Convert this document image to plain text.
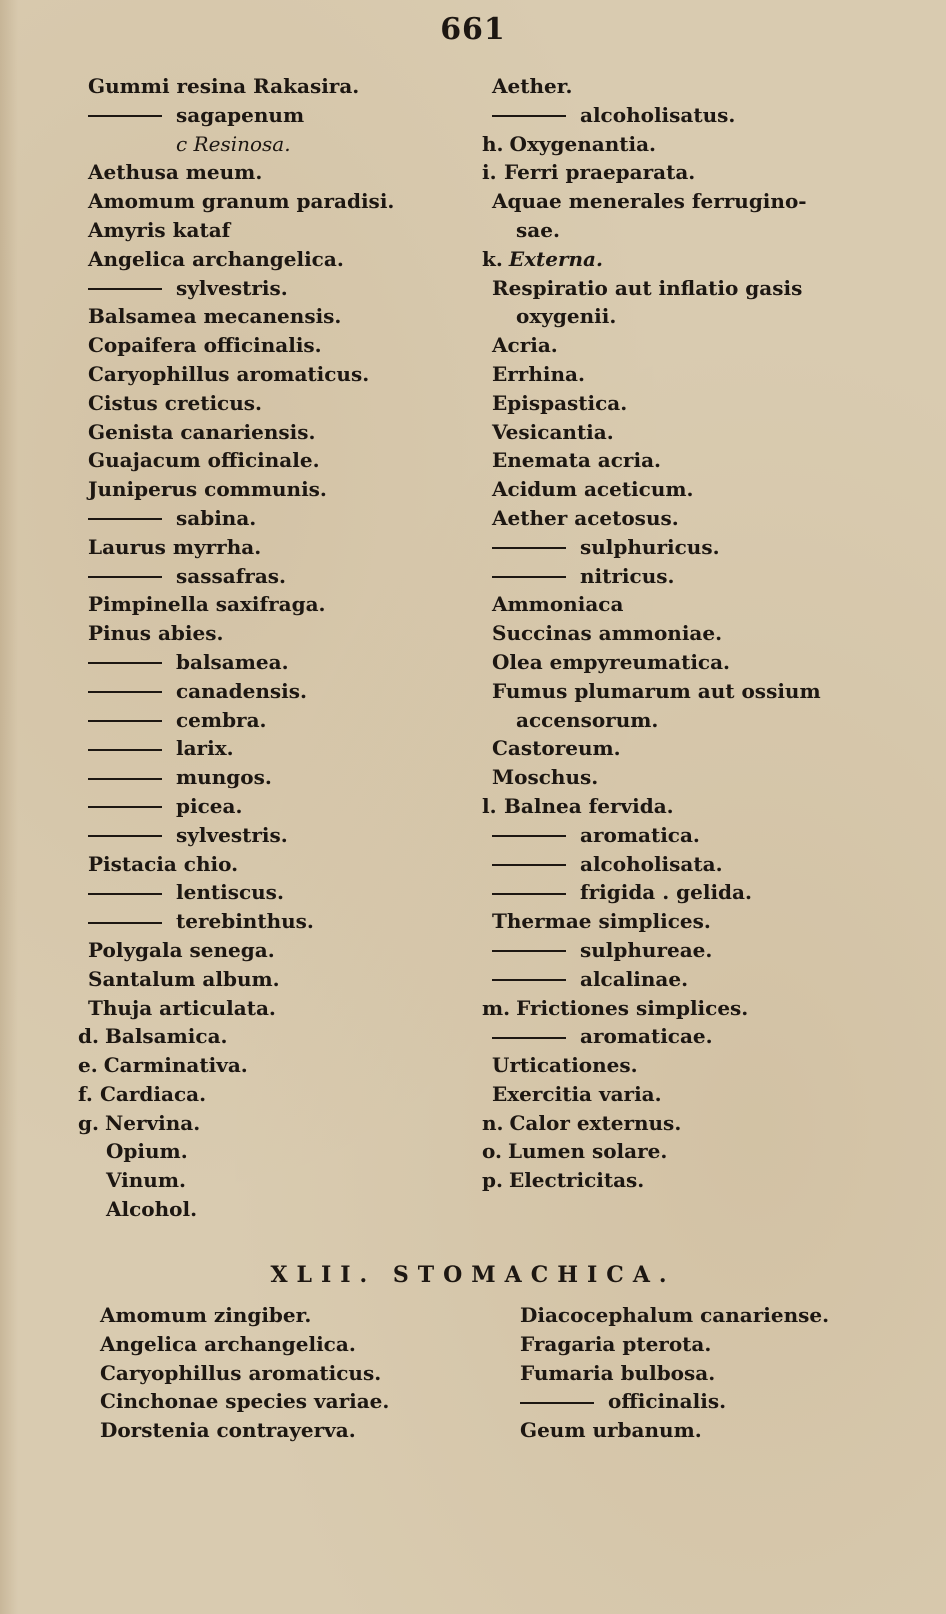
661
Gummi resina Rakasira.
sagapenum
c Resinosa.
Aethusa meum.
Amomum granum paradisi.
Amyris kataf
Angelica archangelica.
sylvestris.
Balsamea mecanensis.
Copaifera officinalis.
Caryophillus aromaticus.
Cistus creticus.
Genista canariensis.
Guajacum officinale.
Juniperus communis.
sabina.
Laurus myrrha.
sassafras.
Pimpinella saxifraga.
Pinus abies.
balsamea.
canadensis.
cembra.
larix.
mungos.
picea.
sylvestris.
Pistacia chio.
lentiscus.
terebinthus.
Polygala senega.
Santalum album.
Thuja articulata.
d. Balsamica.
e. Carminativa.
f. Cardiaca.
g. Nervina.
Opium.
Vinum.
Alcohol.
Aether.
alcoholisatus.
h. Oxygenantia.
i. Ferri praeparata.
Aquae menerales ferrugino-
sae.
k. Externa.
Respiratio aut inflatio gasis
oxygenii.
Acria.
Errhina.
Epispastica.
Vesicantia.
Enemata acria.
Acidum aceticum.
Aether acetosus.
sulphuricus.
nitricus.
Ammoniaca
Succinas ammoniae.
Olea empyreumatica.
Fumus plumarum aut ossium
accensorum.
Castoreum.
Moschus.
l. Balnea fervida.
aromatica.
alcoholisata.
frigida . gelida.
Thermae simplices.
sulphureae.
alcalinae.
m. Frictiones simplices.
aromaticae.
Urticationes.
Exercitia varia.
n. Calor externus.
o. Lumen solare.
p. Electricitas.
XLII. STOMACHICA.
Amomum zingiber.
Angelica archangelica.
Caryophillus aromaticus.
Cinchonae species variae.
Dorstenia contrayerva.
Diacocephalum canariense.
Fragaria pterota.
Fumaria bulbosa.
officinalis.
Geum urbanum.
